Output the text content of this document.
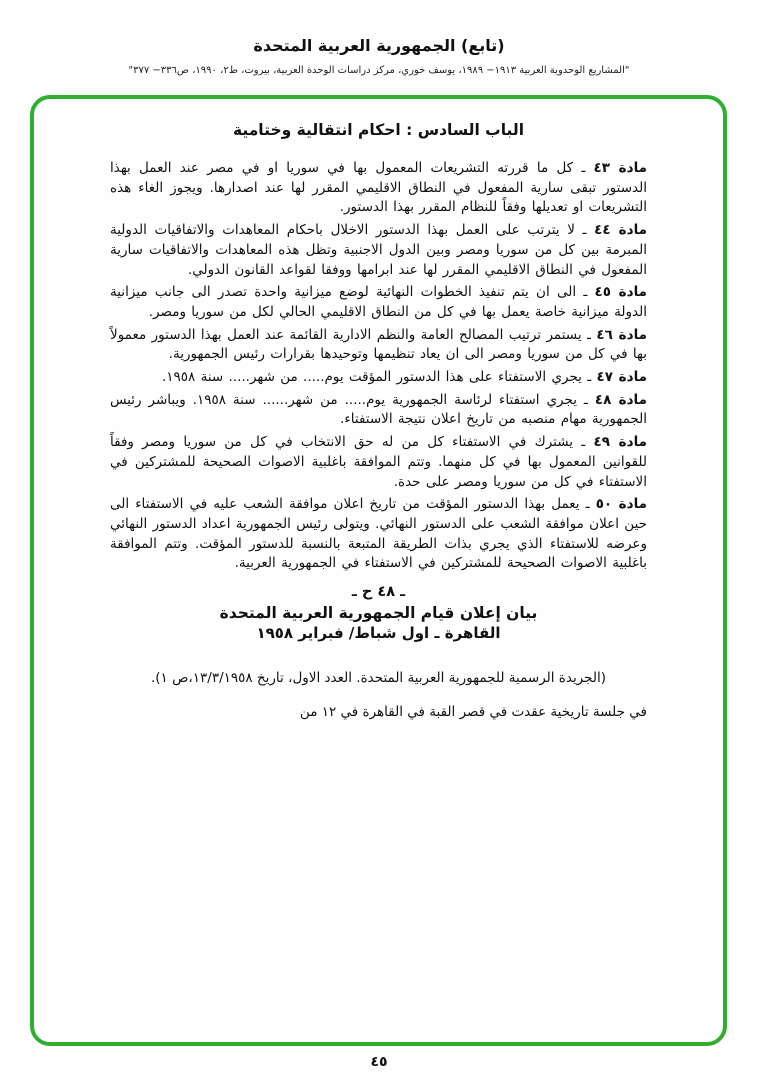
(تابع) الجمهورية العربية المتحدة
"المشاريع الوحدوية العربية ١٩١٣− ١٩٨٩، يوسف خوري، مركز دراسات الوحدة العربية، بيروت، ط٢، ١٩٩٠، ص٣٣٦− ٣٧٧"
الباب السادس : احكام انتقالية وختامية

مادة ٤٣ ـ كل ما قررته التشريعات المعمول بها في سوريا او في مصر عند العمل بهذا الدستور تبقى سارية المفعول في النطاق الاقليمي المقرر لها عند اصدارها. ويجوز الغاء هذه التشريعات او تعديلها وفقاً للنظام المقرر بهذا الدستور.

مادة ٤٤ ـ لا يترتب على العمل بهذا الدستور الاخلال باحكام المعاهدات والاتفاقيات الدولية المبرمة بين كل من سوريا ومصر وبين الدول الاجنبية وتظل هذه المعاهدات والاتفاقيات سارية المفعول في النطاق الاقليمي المقرر لها عند ابرامها ووفقا لقواعد القانون الدولي.

مادة ٤٥ ـ الى ان يتم تنفيذ الخطوات النهائية لوضع ميزانية واحدة تصدر الى جانب ميزانية الدولة ميزانية خاصة يعمل بها في كل من النطاق الاقليمي الحالي لكل من سوريا ومصر.

مادة ٤٦ ـ يستمر ترتيب المصالح العامة والنظم الادارية القائمة عند العمل بهذا الدستور معمولاً بها في كل من سوريا ومصر الى ان يعاد تنظيمها وتوحيدها بقرارات رئيس الجمهورية.

مادة ٤٧ ـ يجري الاستفتاء على هذا الدستور المؤقت يوم..... من شهر..... سنة ١٩٥٨.

مادة ٤٨ ـ يجري استفتاء لرئاسة الجمهورية يوم..... من شهر...... سنة ١٩٥٨. ويباشر رئيس الجمهورية مهام منصبه من تاريخ اعلان نتيجة الاستفتاء.

مادة ٤٩ ـ يشترك في الاستفتاء كل من له حق الانتخاب في كل من سوريا ومصر وفقاً للقوانين المعمول بها في كل منهما. وتتم الموافقة باغلبية الاصوات الصحيحة للمشتركين في الاستفتاء في كل من سوريا ومصر على حدة.

مادة ٥٠ ـ يعمل بهذا الدستور المؤقت من تاريخ اعلان موافقة الشعب عليه في الاستفتاء الى حين اعلان موافقة الشعب على الدستور النهائي. ويتولى رئيس الجمهورية اعداد الدستور النهائي وعرضه للاستفتاء الذي يجري بذات الطريقة المتبعة بالنسبة للدستور المؤقت. وتتم الموافقة باغلبية الاصوات الصحيحة للمشتركين في الاستفتاء في الجمهورية العربية.

ـ ٤٨ ح ـ
بيان إعلان قيام الجمهورية العربية المتحدة
القاهرة ـ اول شباط/ فبراير ١٩٥٨

(الجريدة الرسمية للجمهورية العربية المتحدة. العدد الاول، تاريخ ١٣/٣/١٩٥٨،ص ١).

في جلسة تاريخية عقدت في قصر القبة في القاهرة في ١٢ من

٤٥
